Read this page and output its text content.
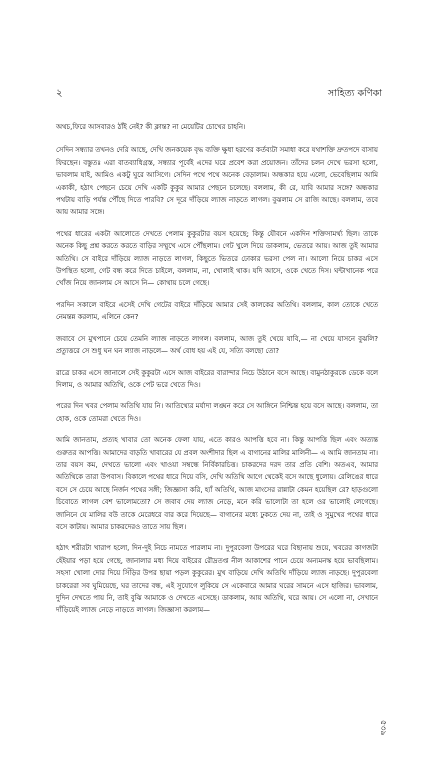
২	সাহিত্য কণিকা

অথচ,ফিরে আসবারও ঠাঁই নেই? কী ক্লান্ত? না মেয়েটির চোখের চাহনি।

সেদিন সন্ধ্যার তখনও দেরি আছে, দেখি জনকয়েক বৃদ্ধ ব্যক্তি ক্ষুধা হরণের কর্তব্যটা সমাধা করে যথাশক্তি দ্রুতপদে বাসায় ফিরছেন। বস্তুতঃ এরা বাতব্যাধিগ্রস্ত, সন্ধ্যার পূর্বেই এদের ঘরে প্রবেশ করা প্রয়োজন। তাঁদের চলন দেখে ভরসা হলো, ভাবলাম যাই, আমিও একটু ঘুরে আসিগে। সেদিন পথে পথে অনেক বেড়ালাম। অন্ধকার হয়ে এলো, ভেবেছিলাম আমি একাকী, হঠাৎ পেছনে চেয়ে দেখি একটি কুকুর আমার পেছনে চলেছে। বললাম, কী রে, যাবি আমার সঙ্গে? অন্ধকার পথটায় বাড়ি পর্যন্ত পৌঁছে দিতে পারবি? সে দূরে দাঁড়িয়ে ল্যাজ নাড়তে লাগল। বুঝলাম সে রাজি আছে। বললাম, তবে আয় আমার সঙ্গে।

পথের ধারের একটা আলোতে দেখতে পেলাম কুকুরটার বয়স হয়েছে; কিন্তু যৌবনে একদিন শক্তিসামর্থ্য ছিল। তাকে অনেক কিছু প্রশ্ন করতে করতে বাড়ির সম্মুখে এসে পৌঁছলাম। গেট খুলে দিয়ে ডাকলাম, ভেতরে আয়। আজ তুই আমার অতিথি। সে বাইরে দাঁড়িয়ে ল্যাজ নাড়তে লাগল, কিছুতে ভিতরে ঢোকার ভরসা পেল না। আলো নিয়ে চাকর এসে উপস্থিত হলো, গেট বন্ধ করে দিতে চাইলে, বললাম, না, খোলাই থাক। যদি আসে, ওকে খেতে দিস। ঘন্টাখানেক পরে খোঁজ নিয়ে জানলাম সে আসে নি— কোথায় চলে গেছে।

পরদিন সকালে বাইরে এসেই দেখি গেটের বাইরে দাঁড়িয়ে আমার সেই কালকের অতিথি। বললাম, কাল তোকে খেতে নেমন্তন্ন করলাম, এলিনে কেন?

জবাবে সে মুখপানে চেয়ে তেমনি ল্যাজ নাড়তে লাগল। বললাম, আজ তুই খেয়ে যাবি,— না খেয়ে যাসনে বুঝলি? প্রত্যুত্তরে সে শুধু ঘন ঘন ল্যাজ নাড়লে— অর্থ বোধ হয় এই যে, সত্যি বলছো তো?

রাত্রে চাকর এসে জানালে সেই কুকুরটা এসে আজ বাইরের বারান্দার নিচে উঠানে বসে আছে। বামুনঠাকুরকে ডেকে বলে দিলাম, ও আমার অতিথি, ওকে পেট ভরে খেতে দিও।

পরের দিন খবর পেলাম অতিথি যায় নি। আতিথ্যের মর্যাদা লঙ্ঘন করে সে আঙ্গিনে নিশ্চিন্ত হয়ে বসে আছে। বললাম, তা হোক, ওকে তোমরা খেতে দিও।

আমি জানতাম, প্রত্যহ খাবার তো অনেক ফেলা যায়, এতে কারও আপত্তি হবে না। কিন্তু আপত্তি ছিল এবং অত্যন্ত গুরুতর আপত্তি। আমাদের বাড়তি খাবারের যে প্রবল অংশীদার ছিল এ বাগানের মালির মালিনী— এ আমি জানতাম না। তার বয়স কম, দেখতে ভালো এবং খাওয়া সম্বন্ধে নির্বিকারচিত্ত। চাকরদের দরদ তার প্রতি বেশি। অতএব, আমার অতিথিকে তারা উপবাস। বিকালে পথের ধারে দিয়ে বসি, দেখি অতিথি আগে থেকেই বসে আছে ধুলোয়। রেলিঙের ধারে বসে সে চেয়ে আছে নির্জন পথের সঙ্গী; জিজ্ঞাসা করি, হ্যাঁ অতিথি, আজ মাংসের রান্নাটা কেমন হয়েছিল রে? হাড়গুলো চিবোতে লাগল বেশ ভালোমতো? সে জবাব দেয় ল্যাজ নেড়ে, মনে করি ভালোটা তা হলে ওর ভালোই লেগেছে। জানিনে যে মালির বউ তাকে মেরেধরে বার করে দিয়েছে— বাগানের মধ্যে ঢুকতে দেয় না, তাই ও সুমুখের পথের ধারে বসে কাটায়। আমার চাকরদেরও তাতে সায় ছিল।

হঠাৎ শরীরটা খারাপ হলো, দিন-দুই নিচে নামতে পারলাম না। দুপুরবেলা উপরের ঘরে বিছানায় শুয়ে, খবরের কাগজটা হেঁইয়ার পড়া হয়ে গেছে, জানালার মধ্য দিয়ে বাইরের রৌদ্রতপ্ত নীল আকাশের পানে চেয়ে অন্যমনস্ক হয়ে ভাবছিলাম। সহসা খোলা দোর দিয়ে সিঁড়ির উপর ছায়া পড়ল কুকুরের। মুখ বাড়িয়ে দেখি অতিথি দাঁড়িয়ে ল্যাজ নাড়ছে। দুপুরবেলা চাকরেরা সব ঘুমিয়েছে, ঘর তাদের বন্ধ, এই সুযোগে লুকিয়ে সে একেবারে আমার ঘরের সামনে এসে হাজির। ভাবলাম, দুদিন দেখতে পায় নি, তাই বুঝি আমাকে ও দেখতে এসেছে। ডাকলাম, আয় অতিথি, ঘরে আয়। সে এলো না, সেখানে দাঁড়িয়েই ল্যাজ নেড়ে নাড়তে লাগল। জিজ্ঞাসা করলাম—

৫৩৯
